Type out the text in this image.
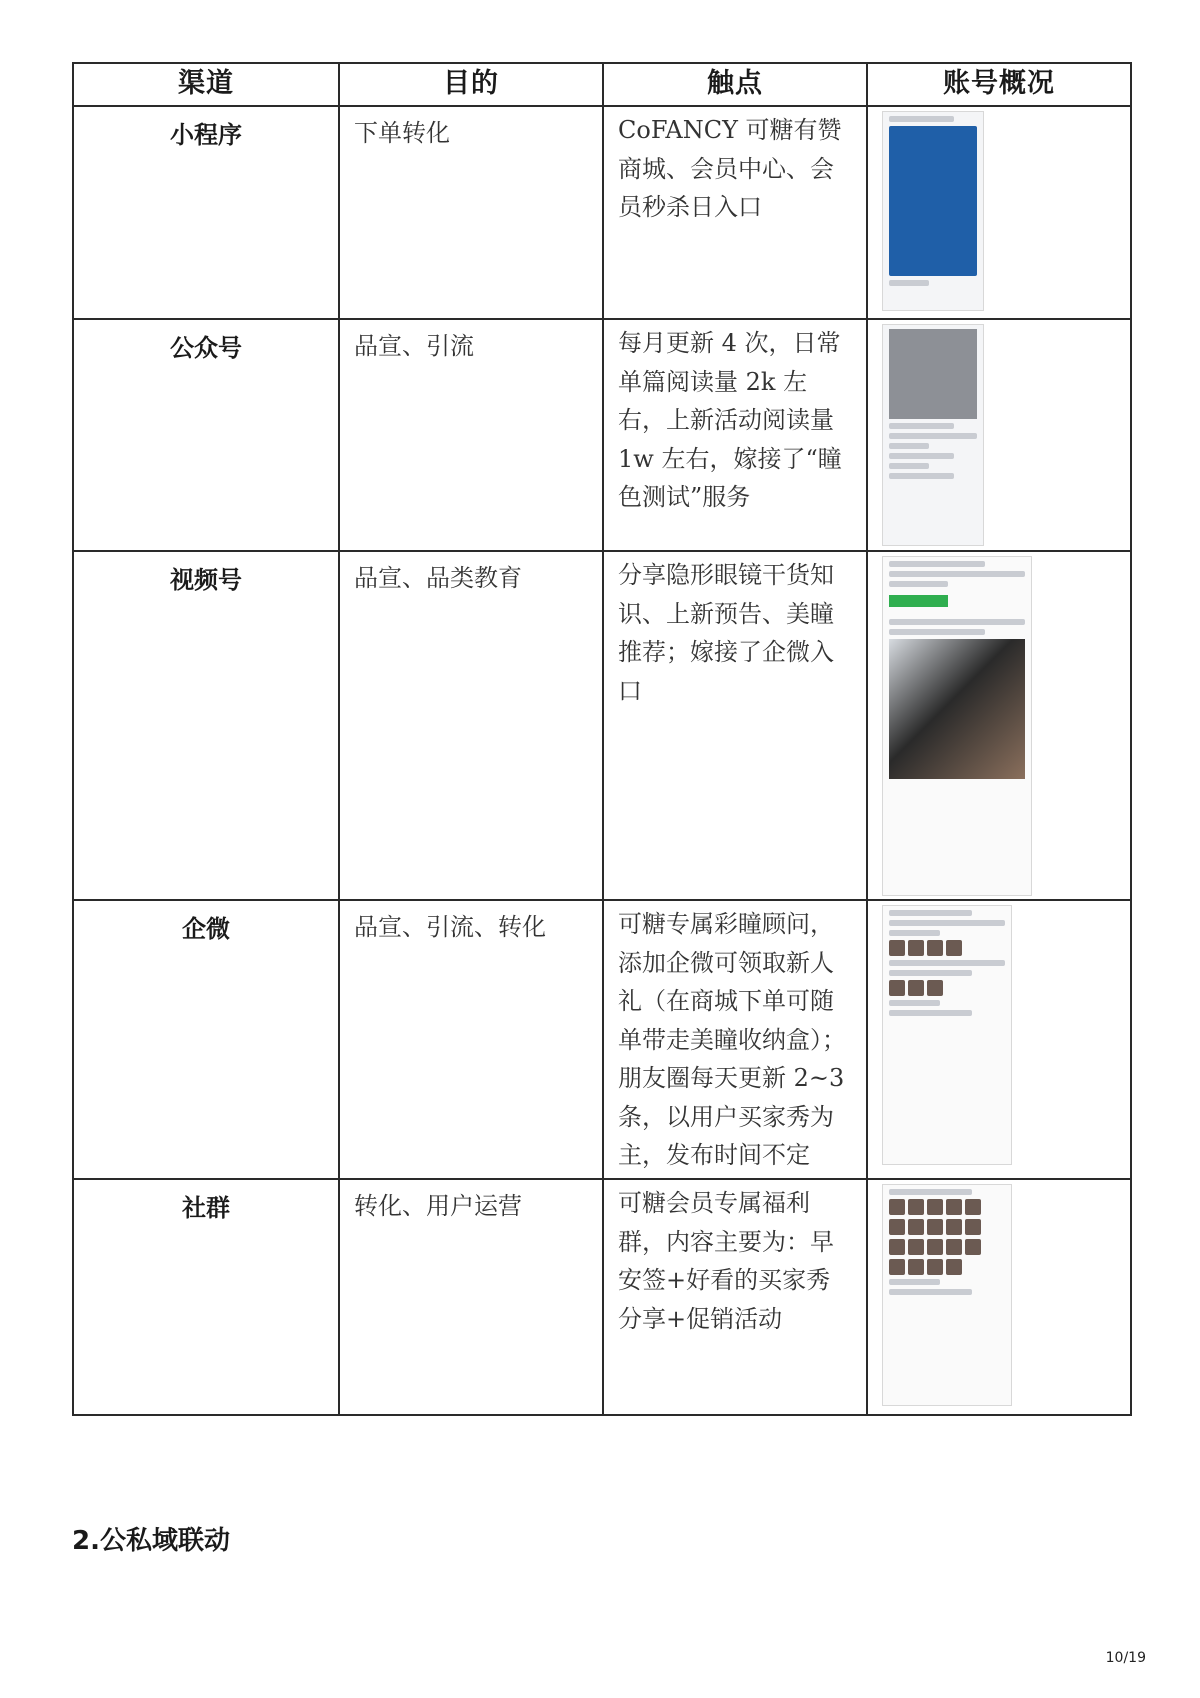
渠道	目的	触点	账号概况
小程序	下单转化	CoFANCY 可糖有赞商城、会员中心、会员秒杀日入口
公众号	品宣、引流	每月更新 4 次，日常单篇阅读量 2k 左右，上新活动阅读量 1w 左右，嫁接了“瞳色测试”服务
视频号	品宣、品类教育	分享隐形眼镜干货知识、上新预告、美瞳推荐；嫁接了企微入口
企微	品宣、引流、转化	可糖专属彩瞳顾问，添加企微可领取新人礼（在商城下单可随单带走美瞳收纳盒）；朋友圈每天更新 2~3 条，以用户买家秀为主，发布时间不定
社群	转化、用户运营	可糖会员专属福利群，内容主要为：早安签+好看的买家秀分享+促销活动
2.公私域联动
10/19
